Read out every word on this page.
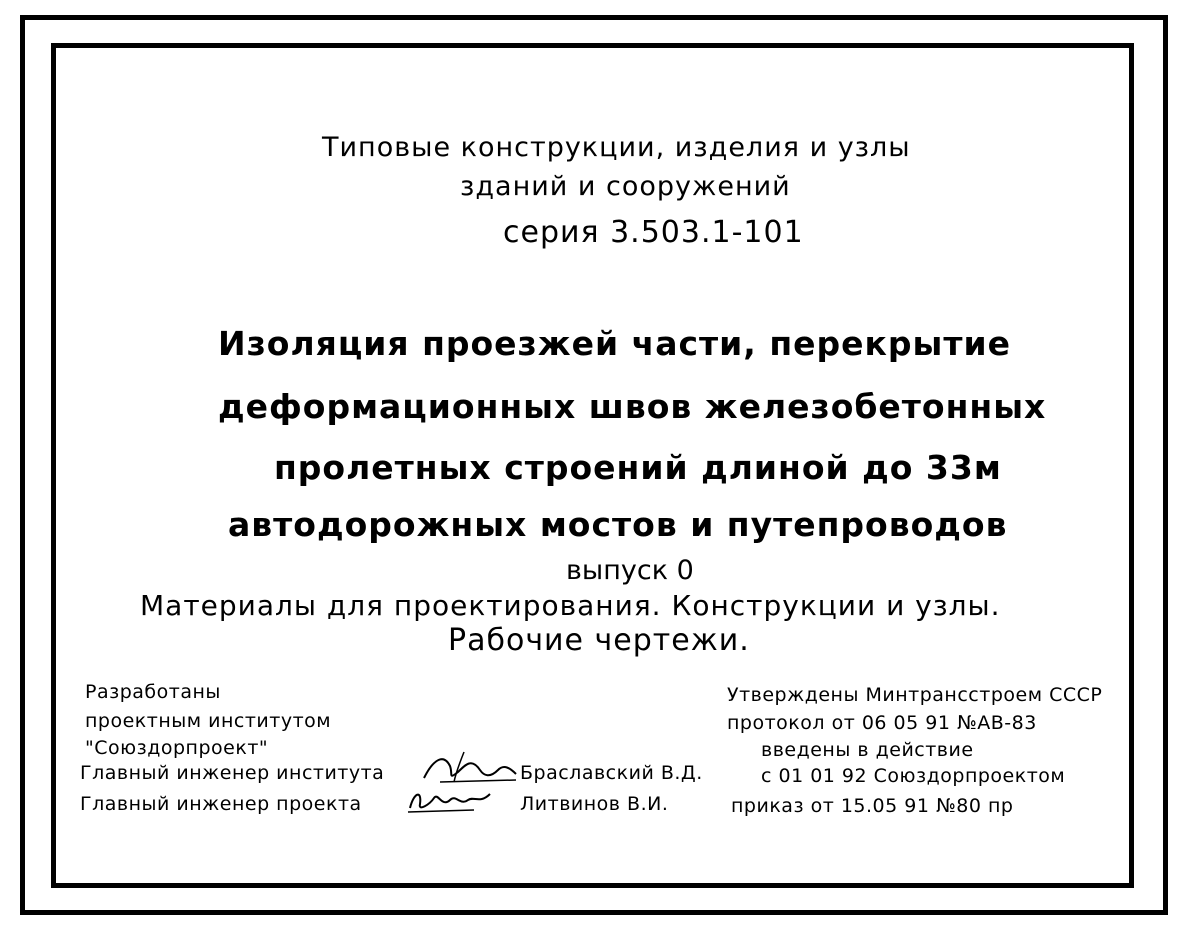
Типовые конструкции, изделия и узлы
зданий и сооружений
серия 3.503.1-101
Изоляция проезжей части, перекрытие
деформационных швов железобетонных
пролетных строений длиной до 33м
автодорожных мостов и путепроводов
выпуск 0
Материалы для проектирования. Конструкции и узлы.
Рабочие чертежи.
Разработаны
проектным институтом
"Союздорпроект"
Главный инженер института	Браславский В.Д.
Главный инженер проекта	Литвинов В.И.
Утверждены Минтрансстроем СССР
протокол от 06 05 91 №АВ-83
введены в действие
с 01 01 92 Союздорпроектом
приказ от 15.05 91 №80 пр
